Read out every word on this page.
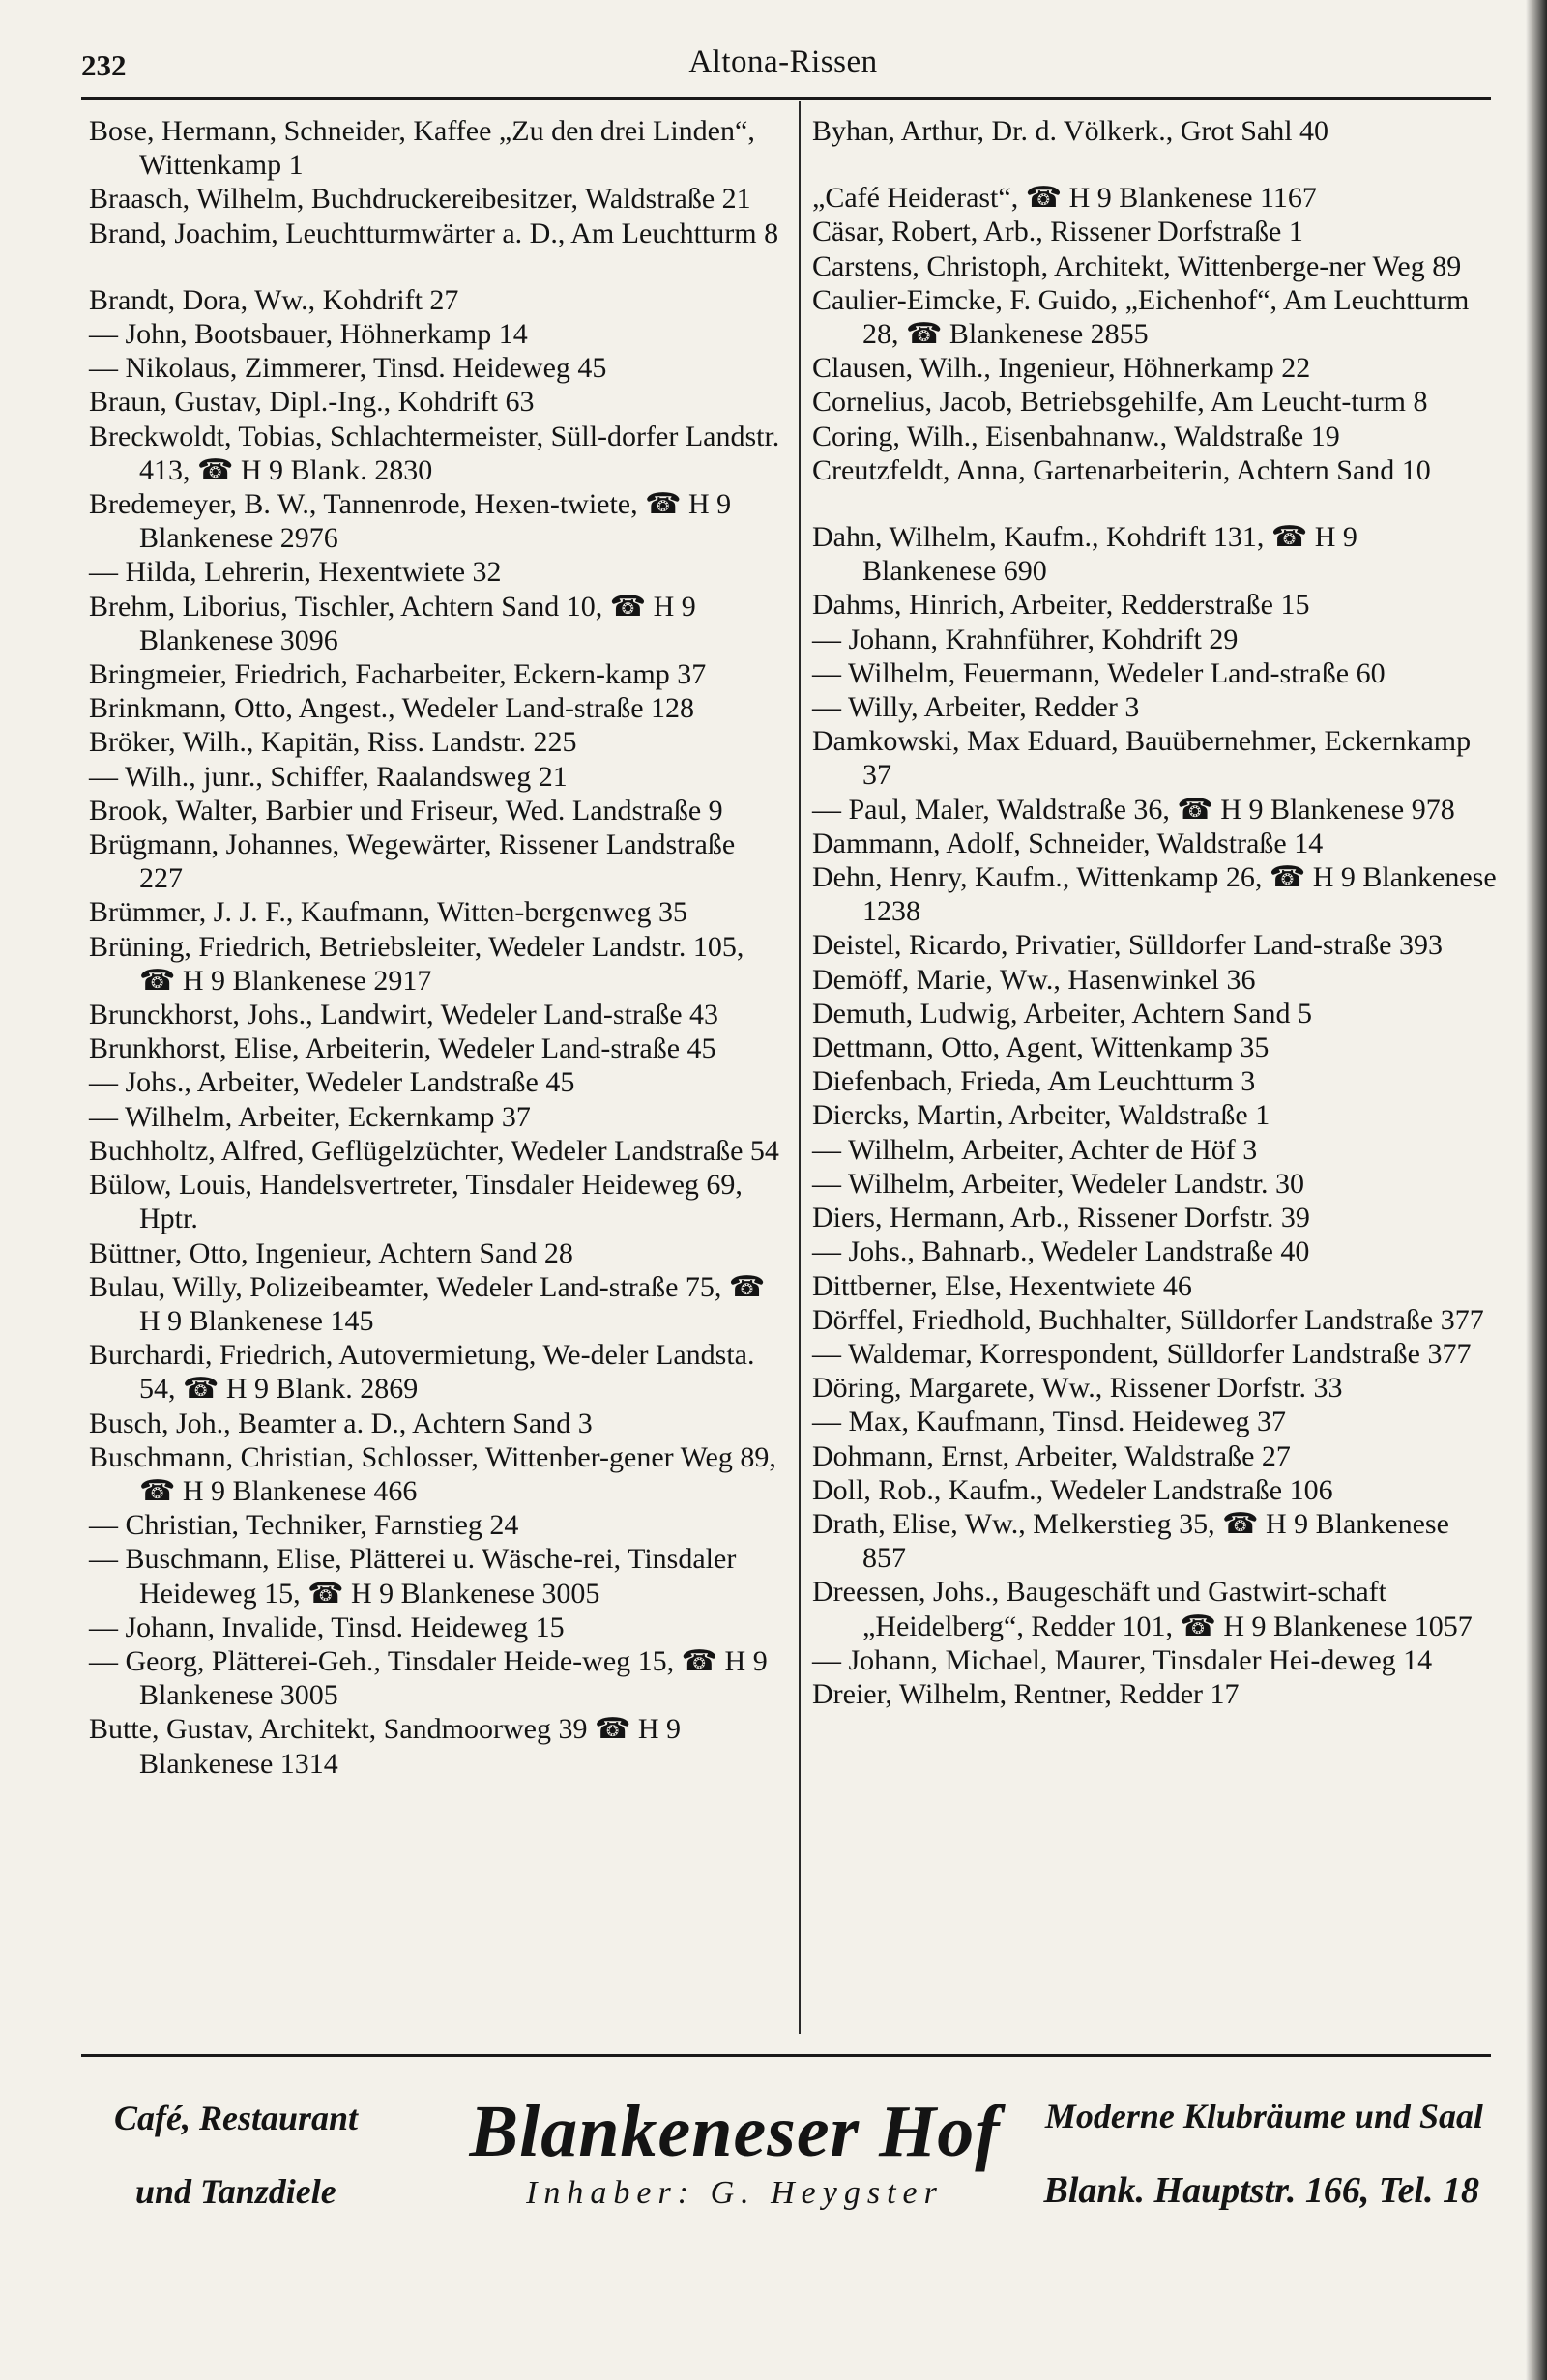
232	Altona-Rissen

Bose, Hermann, Schneider, Kaffee „Zu den drei Linden“, Wittenkamp 1

Braasch, Wilhelm, Buchdruckereibesitzer, Waldstraße 21

Brand, Joachim, Leuchtturmwärter a. D., Am Leuchtturm 8

Brandt, Dora, Ww., Kohdrift 27

— John, Bootsbauer, Höhnerkamp 14

— Nikolaus, Zimmerer, Tinsd. Heideweg 45

Braun, Gustav, Dipl.-Ing., Kohdrift 63

Breckwoldt, Tobias, Schlachtermeister, Süll-dorfer Landstr. 413, ☎ H 9 Blank. 2830

Bredemeyer, B. W., Tannenrode, Hexen-twiete, ☎ H 9 Blankenese 2976

— Hilda, Lehrerin, Hexentwiete 32

Brehm, Liborius, Tischler, Achtern Sand 10, ☎ H 9 Blankenese 3096

Bringmeier, Friedrich, Facharbeiter, Eckern-kamp 37

Brinkmann, Otto, Angest., Wedeler Land-straße 128

Bröker, Wilh., Kapitän, Riss. Landstr. 225

— Wilh., junr., Schiffer, Raalandsweg 21

Brook, Walter, Barbier und Friseur, Wed. Landstraße 9

Brügmann, Johannes, Wegewärter, Rissener Landstraße 227

Brümmer, J. J. F., Kaufmann, Witten-bergenweg 35

Brüning, Friedrich, Betriebsleiter, Wedeler Landstr. 105, ☎ H 9 Blankenese 2917

Brunckhorst, Johs., Landwirt, Wedeler Land-straße 43

Brunkhorst, Elise, Arbeiterin, Wedeler Land-straße 45

— Johs., Arbeiter, Wedeler Landstraße 45

— Wilhelm, Arbeiter, Eckernkamp 37

Buchholtz, Alfred, Geflügelzüchter, Wedeler Landstraße 54

Bülow, Louis, Handelsvertreter, Tinsdaler Heideweg 69, Hptr.

Büttner, Otto, Ingenieur, Achtern Sand 28

Bulau, Willy, Polizeibeamter, Wedeler Land-straße 75, ☎ H 9 Blankenese 145

Burchardi, Friedrich, Autovermietung, We-deler Landsta. 54, ☎ H 9 Blank. 2869

Busch, Joh., Beamter a. D., Achtern Sand 3

Buschmann, Christian, Schlosser, Wittenber-gener Weg 89, ☎ H 9 Blankenese 466

— Christian, Techniker, Farnstieg 24

— Buschmann, Elise, Plätterei u. Wäsche-rei, Tinsdaler Heideweg 15, ☎ H 9 Blankenese 3005

— Johann, Invalide, Tinsd. Heideweg 15

— Georg, Plätterei-Geh., Tinsdaler Heide-weg 15, ☎ H 9 Blankenese 3005

Butte, Gustav, Architekt, Sandmoorweg 39 ☎ H 9 Blankenese 1314

Byhan, Arthur, Dr. d. Völkerk., Grot Sahl 40

„Café Heiderast“, ☎ H 9 Blankenese 1167

Cäsar, Robert, Arb., Rissener Dorfstraße 1

Carstens, Christoph, Architekt, Wittenberge-ner Weg 89

Caulier-Eimcke, F. Guido, „Eichenhof“, Am Leuchtturm 28, ☎ Blankenese 2855

Clausen, Wilh., Ingenieur, Höhnerkamp 22

Cornelius, Jacob, Betriebsgehilfe, Am Leucht-turm 8

Coring, Wilh., Eisenbahnanw., Waldstraße 19

Creutzfeldt, Anna, Gartenarbeiterin, Achtern Sand 10

Dahn, Wilhelm, Kaufm., Kohdrift 131, ☎ H 9 Blankenese 690

Dahms, Hinrich, Arbeiter, Redderstraße 15

— Johann, Krahnführer, Kohdrift 29

— Wilhelm, Feuermann, Wedeler Land-straße 60

— Willy, Arbeiter, Redder 3

Damkowski, Max Eduard, Bauübernehmer, Eckernkamp 37

— Paul, Maler, Waldstraße 36, ☎ H 9 Blankenese 978

Dammann, Adolf, Schneider, Waldstraße 14

Dehn, Henry, Kaufm., Wittenkamp 26, ☎ H 9 Blankenese 1238

Deistel, Ricardo, Privatier, Sülldorfer Land-straße 393

Demöff, Marie, Ww., Hasenwinkel 36

Demuth, Ludwig, Arbeiter, Achtern Sand 5

Dettmann, Otto, Agent, Wittenkamp 35

Diefenbach, Frieda, Am Leuchtturm 3

Diercks, Martin, Arbeiter, Waldstraße 1

— Wilhelm, Arbeiter, Achter de Höf 3

— Wilhelm, Arbeiter, Wedeler Landstr. 30

Diers, Hermann, Arb., Rissener Dorfstr. 39

— Johs., Bahnarb., Wedeler Landstraße 40

Dittberner, Else, Hexentwiete 46

Dörffel, Friedhold, Buchhalter, Sülldorfer Landstraße 377

— Waldemar, Korrespondent, Sülldorfer Landstraße 377

Döring, Margarete, Ww., Rissener Dorfstr. 33

— Max, Kaufmann, Tinsd. Heideweg 37

Dohmann, Ernst, Arbeiter, Waldstraße 27

Doll, Rob., Kaufm., Wedeler Landstraße 106

Drath, Elise, Ww., Melkerstieg 35, ☎ H 9 Blankenese 857

Dreessen, Johs., Baugeschäft und Gastwirt-schaft „Heidelberg“, Redder 101, ☎ H 9 Blankenese 1057

— Johann, Michael, Maurer, Tinsdaler Hei-deweg 14

Dreier, Wilhelm, Rentner, Redder 17

Café, Restaurant
und Tanzdiele
Blankeneser Hof
Inhaber: G. Heygster
Moderne Klubräume und Saal
Blank. Hauptstr. 166, Tel. 18
